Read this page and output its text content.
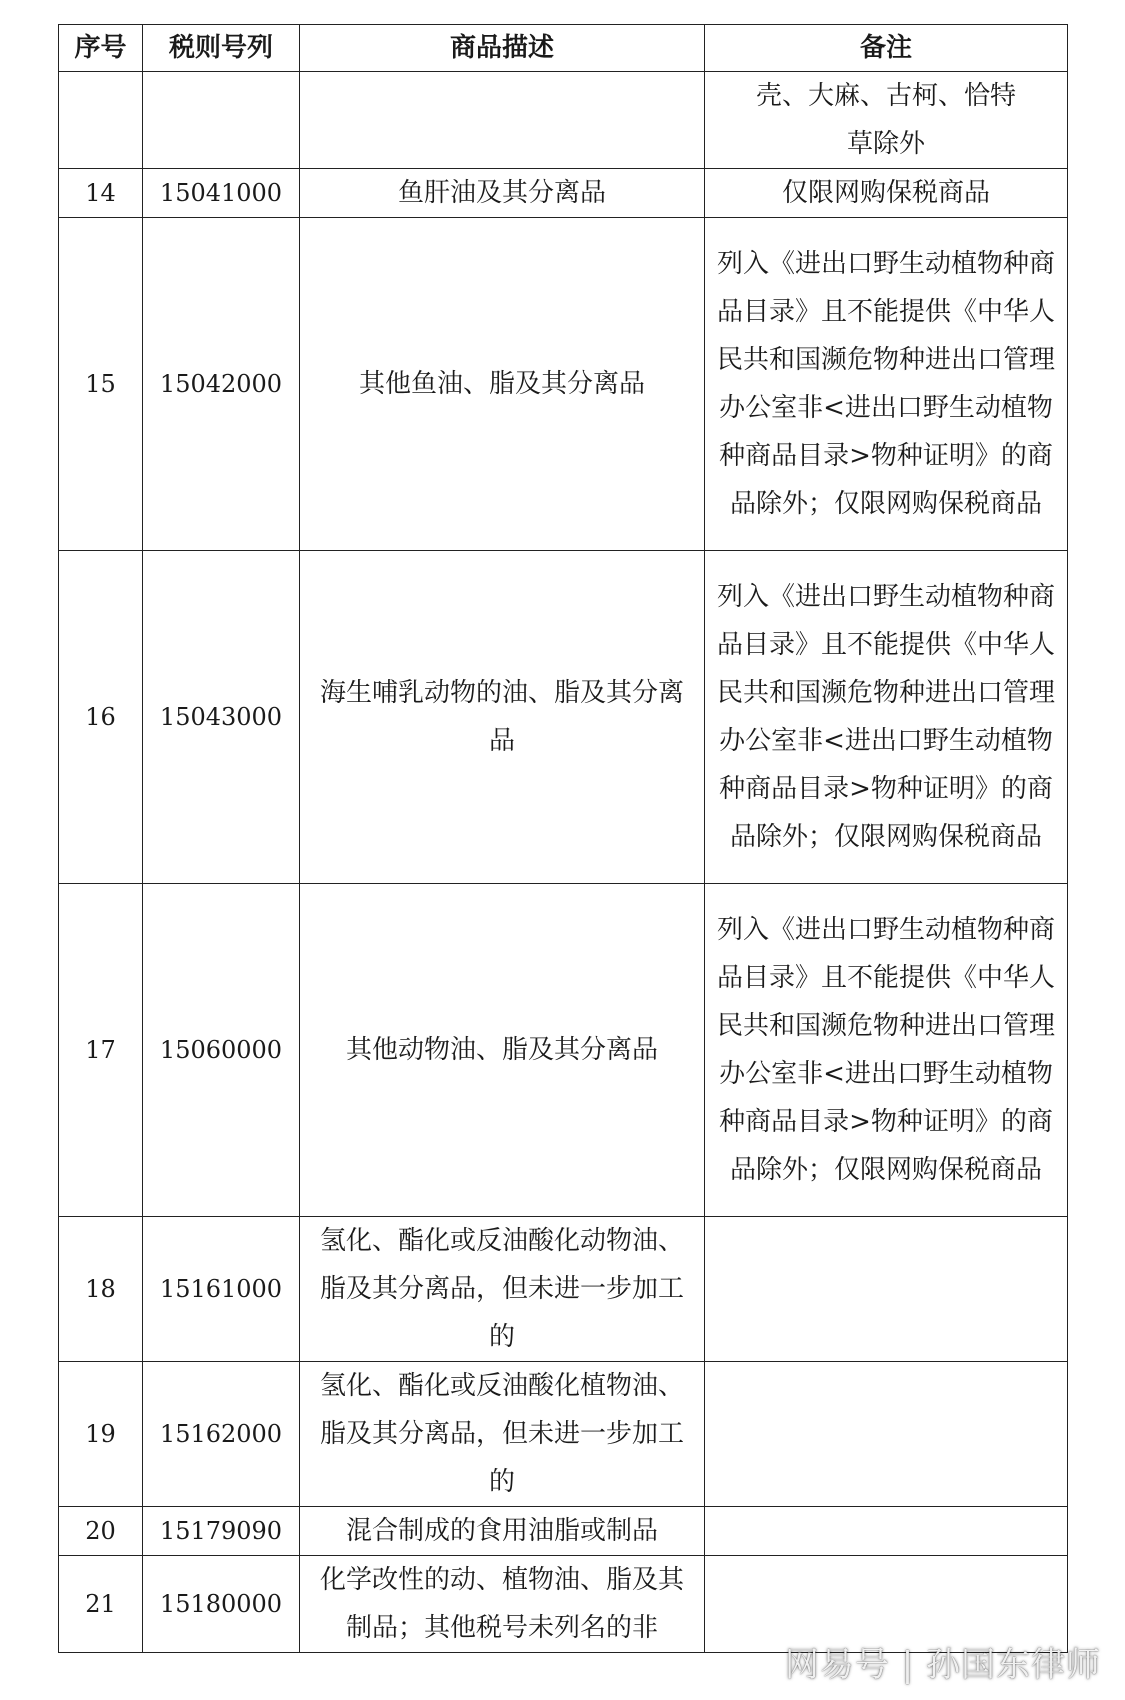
序号	税则号列	商品描述	备注
			壳、大麻、古柯、恰特草除外
14	15041000	鱼肝油及其分离品	仅限网购保税商品
15	15042000	其他鱼油、脂及其分离品	列入《进出口野生动植物种商品目录》且不能提供《中华人民共和国濒危物种进出口管理办公室非<进出口野生动植物种商品目录>物种证明》的商品除外；仅限网购保税商品
16	15043000	海生哺乳动物的油、脂及其分离品	列入《进出口野生动植物种商品目录》且不能提供《中华人民共和国濒危物种进出口管理办公室非<进出口野生动植物种商品目录>物种证明》的商品除外；仅限网购保税商品
17	15060000	其他动物油、脂及其分离品	列入《进出口野生动植物种商品目录》且不能提供《中华人民共和国濒危物种进出口管理办公室非<进出口野生动植物种商品目录>物种证明》的商品除外；仅限网购保税商品
18	15161000	氢化、酯化或反油酸化动物油、脂及其分离品，但未进一步加工的	
19	15162000	氢化、酯化或反油酸化植物油、脂及其分离品，但未进一步加工的	
20	15179090	混合制成的食用油脂或制品	
21	15180000	化学改性的动、植物油、脂及其制品；其他税号未列名的非	
网易号 | 孙国东律师
